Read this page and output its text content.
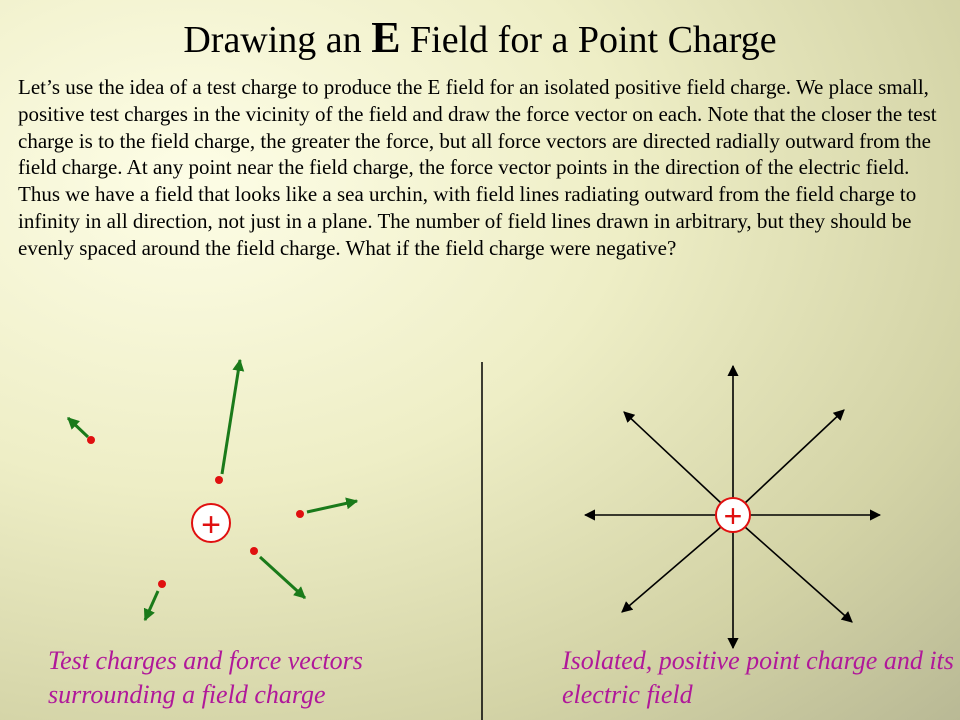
Drawing an E Field for a Point Charge

Let’s use the idea of a test charge to produce the E field for an isolated positive field charge. We place small, positive test charges in the vicinity of the field and draw the force vector on each. Note that the closer the test charge is to the field charge, the greater the force, but all force vectors are directed radially outward from the field charge. At any point near the field charge, the force vector points in the direction of the electric field. Thus we have a field that looks like a sea urchin, with field lines radiating outward from the field charge to infinity in all direction, not just in a plane. The number of field lines drawn in arbitrary, but they should be evenly spaced around the field charge. What if the field charge were negative?

+	+

Test charges and force vectors surrounding a field charge

Isolated, positive point charge and its electric field
